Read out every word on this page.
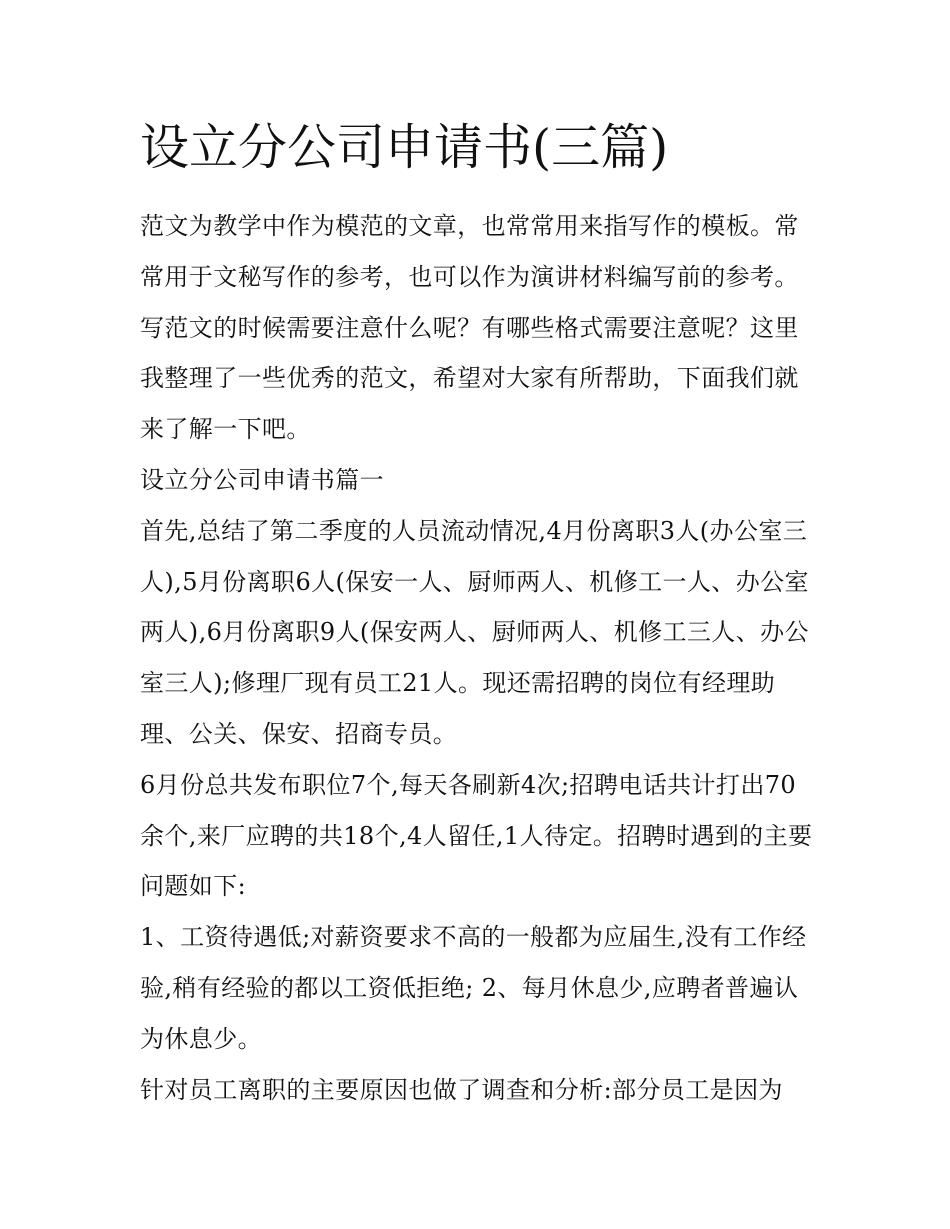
设立分公司申请书(三篇)

范文为教学中作为模范的文章，也常常用来指写作的模板。常常用于文秘写作的参考，也可以作为演讲材料编写前的参考。写范文的时候需要注意什么呢？有哪些格式需要注意呢？这里我整理了一些优秀的范文，希望对大家有所帮助，下面我们就来了解一下吧。

设立分公司申请书篇一

首先,总结了第二季度的人员流动情况,4月份离职3人(办公室三人),5月份离职6人(保安一人、厨师两人、机修工一人、办公室两人),6月份离职9人(保安两人、厨师两人、机修工三人、办公室三人);修理厂现有员工21人。现还需招聘的岗位有经理助理、公关、保安、招商专员。

6月份总共发布职位7个,每天各刷新4次;招聘电话共计打出70余个,来厂应聘的共18个,4人留任,1人待定。招聘时遇到的主要问题如下:

1、工资待遇低;对薪资要求不高的一般都为应届生,没有工作经验,稍有经验的都以工资低拒绝; 2、每月休息少,应聘者普遍认为休息少。

针对员工离职的主要原因也做了调查和分析:部分员工是因为
